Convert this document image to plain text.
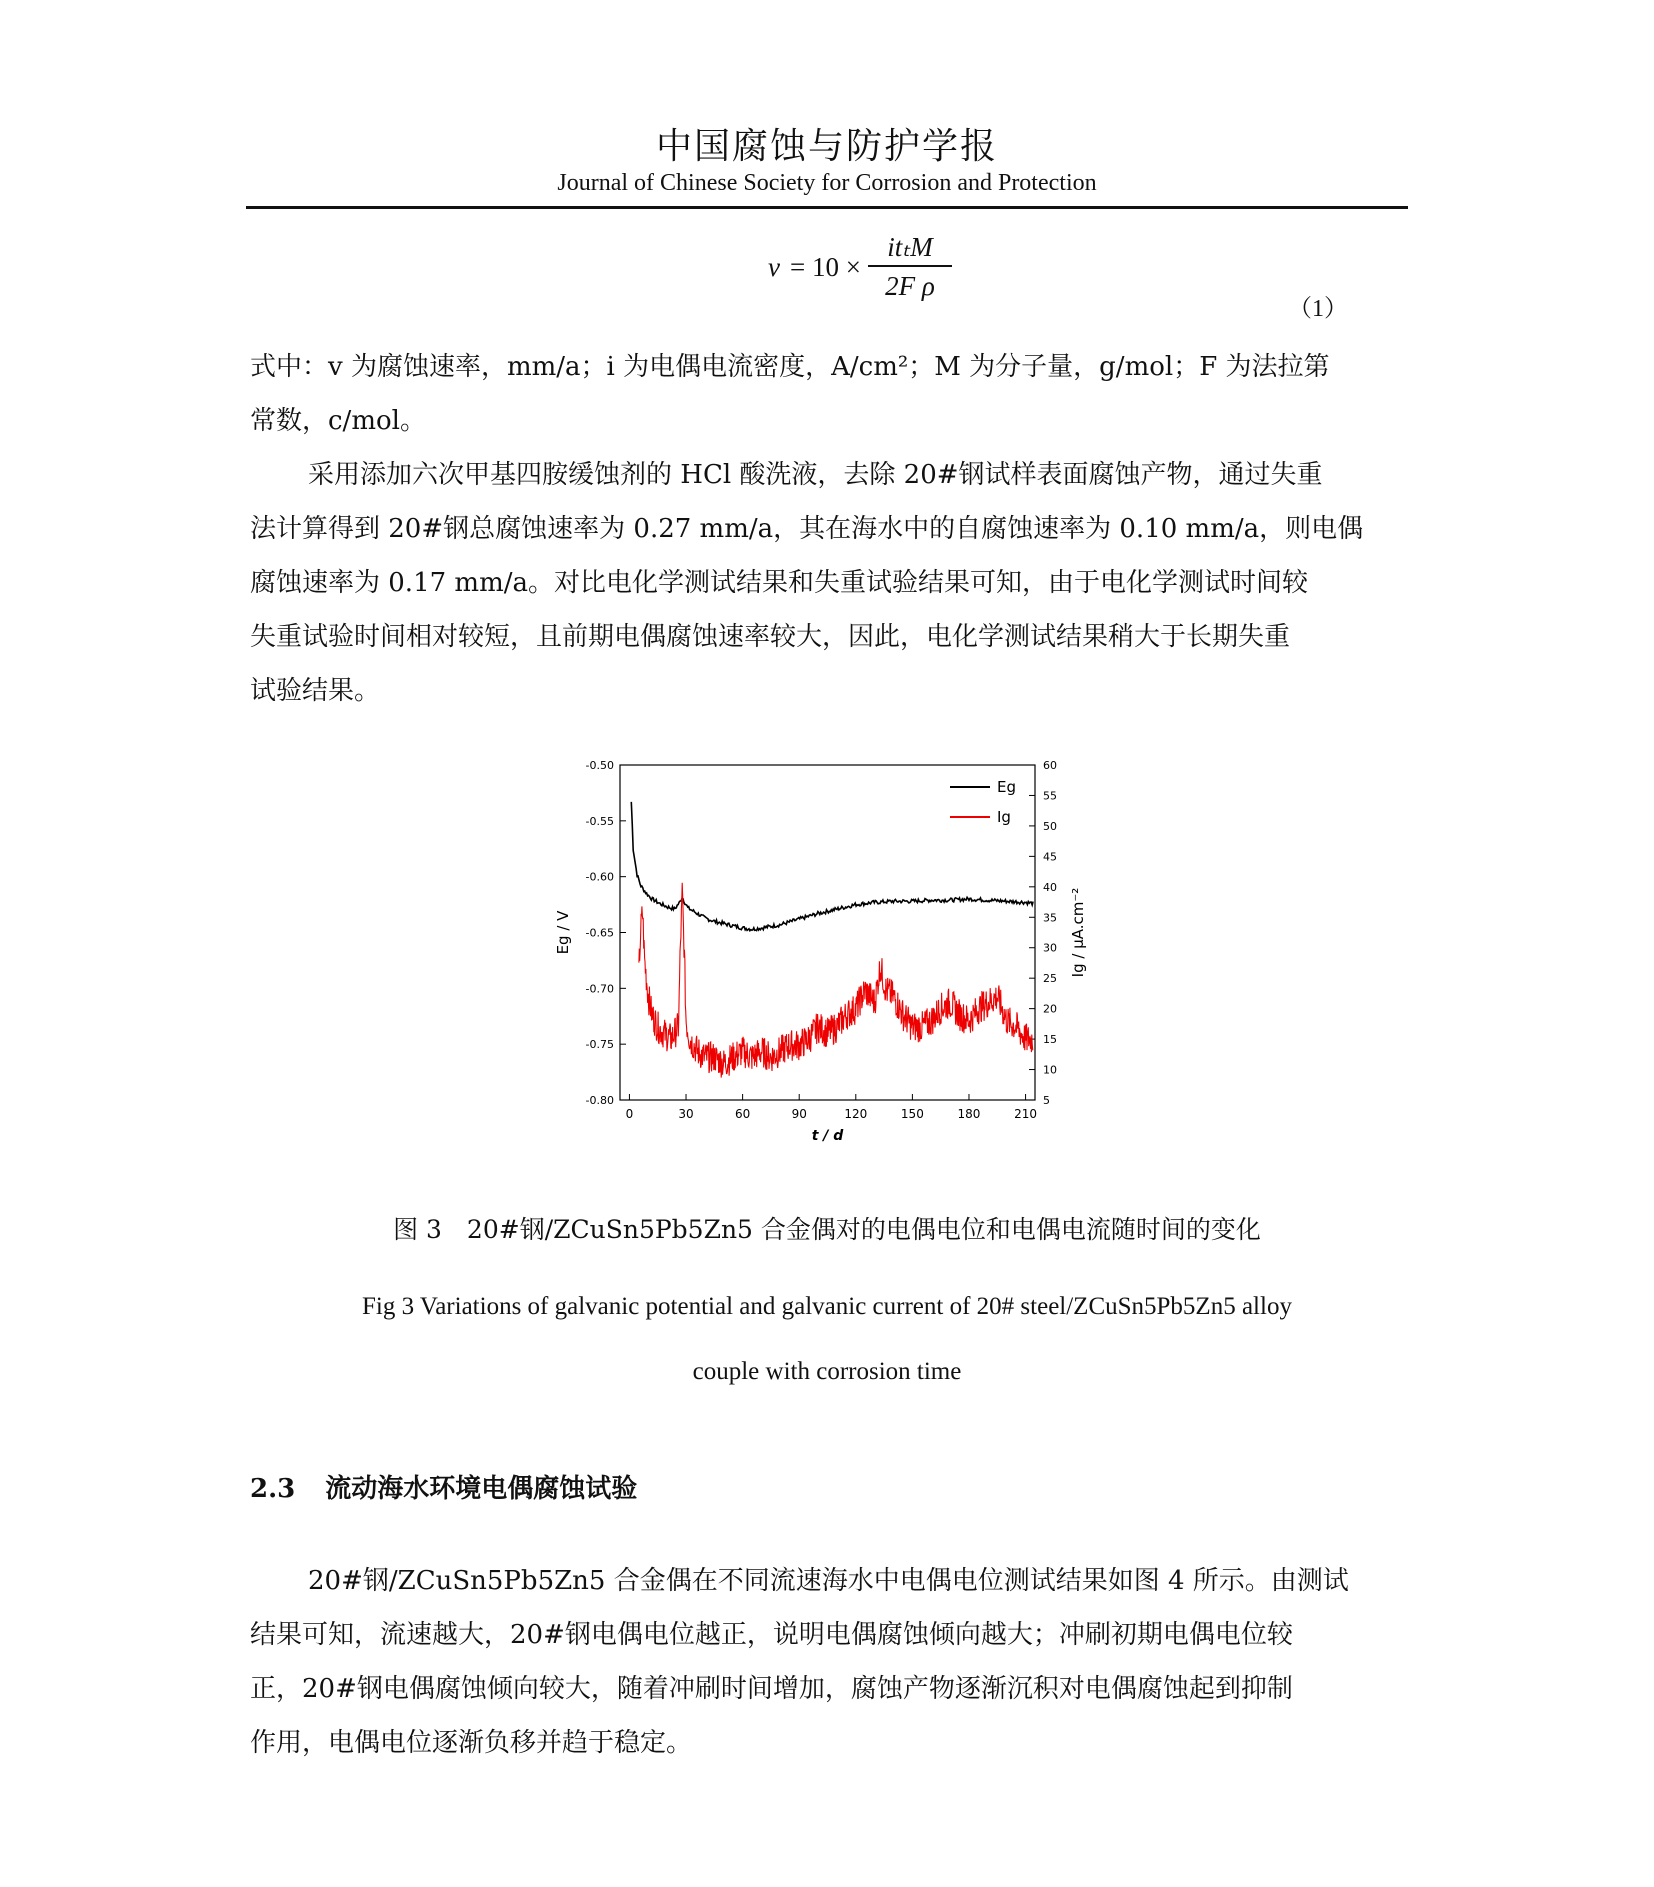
中国腐蚀与防护学报
Journal of Chinese Society for Corrosion and Protection
v = 10 ×
itₜM
2F ρ
（1）
式中：v 为腐蚀速率，mm/a；i 为电偶电流密度，A/cm²；M 为分子量，g/mol；F 为法拉第
常数，c/mol。
采用添加六次甲基四胺缓蚀剂的 HCl 酸洗液，去除 20#钢试样表面腐蚀产物，通过失重
法计算得到 20#钢总腐蚀速率为 0.27 mm/a，其在海水中的自腐蚀速率为 0.10 mm/a，则电偶
腐蚀速率为 0.17 mm/a。对比电化学测试结果和失重试验结果可知，由于电化学测试时间较
失重试验时间相对较短，且前期电偶腐蚀速率较大，因此，电化学测试结果稍大于长期失重
试验结果。
0	30	60	90	120	150	180	210
-0.50
-0.55
-0.60
-0.65
-0.70
-0.75
-0.80
60
55
50
45
40
35
30
25
20
15
10
5
t / d
Eg / V	Ig / μA.cm⁻²
Eg
Ig
图 3　20#钢/ZCuSn5Pb5Zn5 合金偶对的电偶电位和电偶电流随时间的变化
Fig 3 Variations of galvanic potential and galvanic current of 20# steel/ZCuSn5Pb5Zn5 alloy
couple with corrosion time
2.3 流动海水环境电偶腐蚀试验
20#钢/ZCuSn5Pb5Zn5 合金偶在不同流速海水中电偶电位测试结果如图 4 所示。由测试
结果可知，流速越大，20#钢电偶电位越正，说明电偶腐蚀倾向越大；冲刷初期电偶电位较
正，20#钢电偶腐蚀倾向较大，随着冲刷时间增加，腐蚀产物逐渐沉积对电偶腐蚀起到抑制
作用，电偶电位逐渐负移并趋于稳定。
